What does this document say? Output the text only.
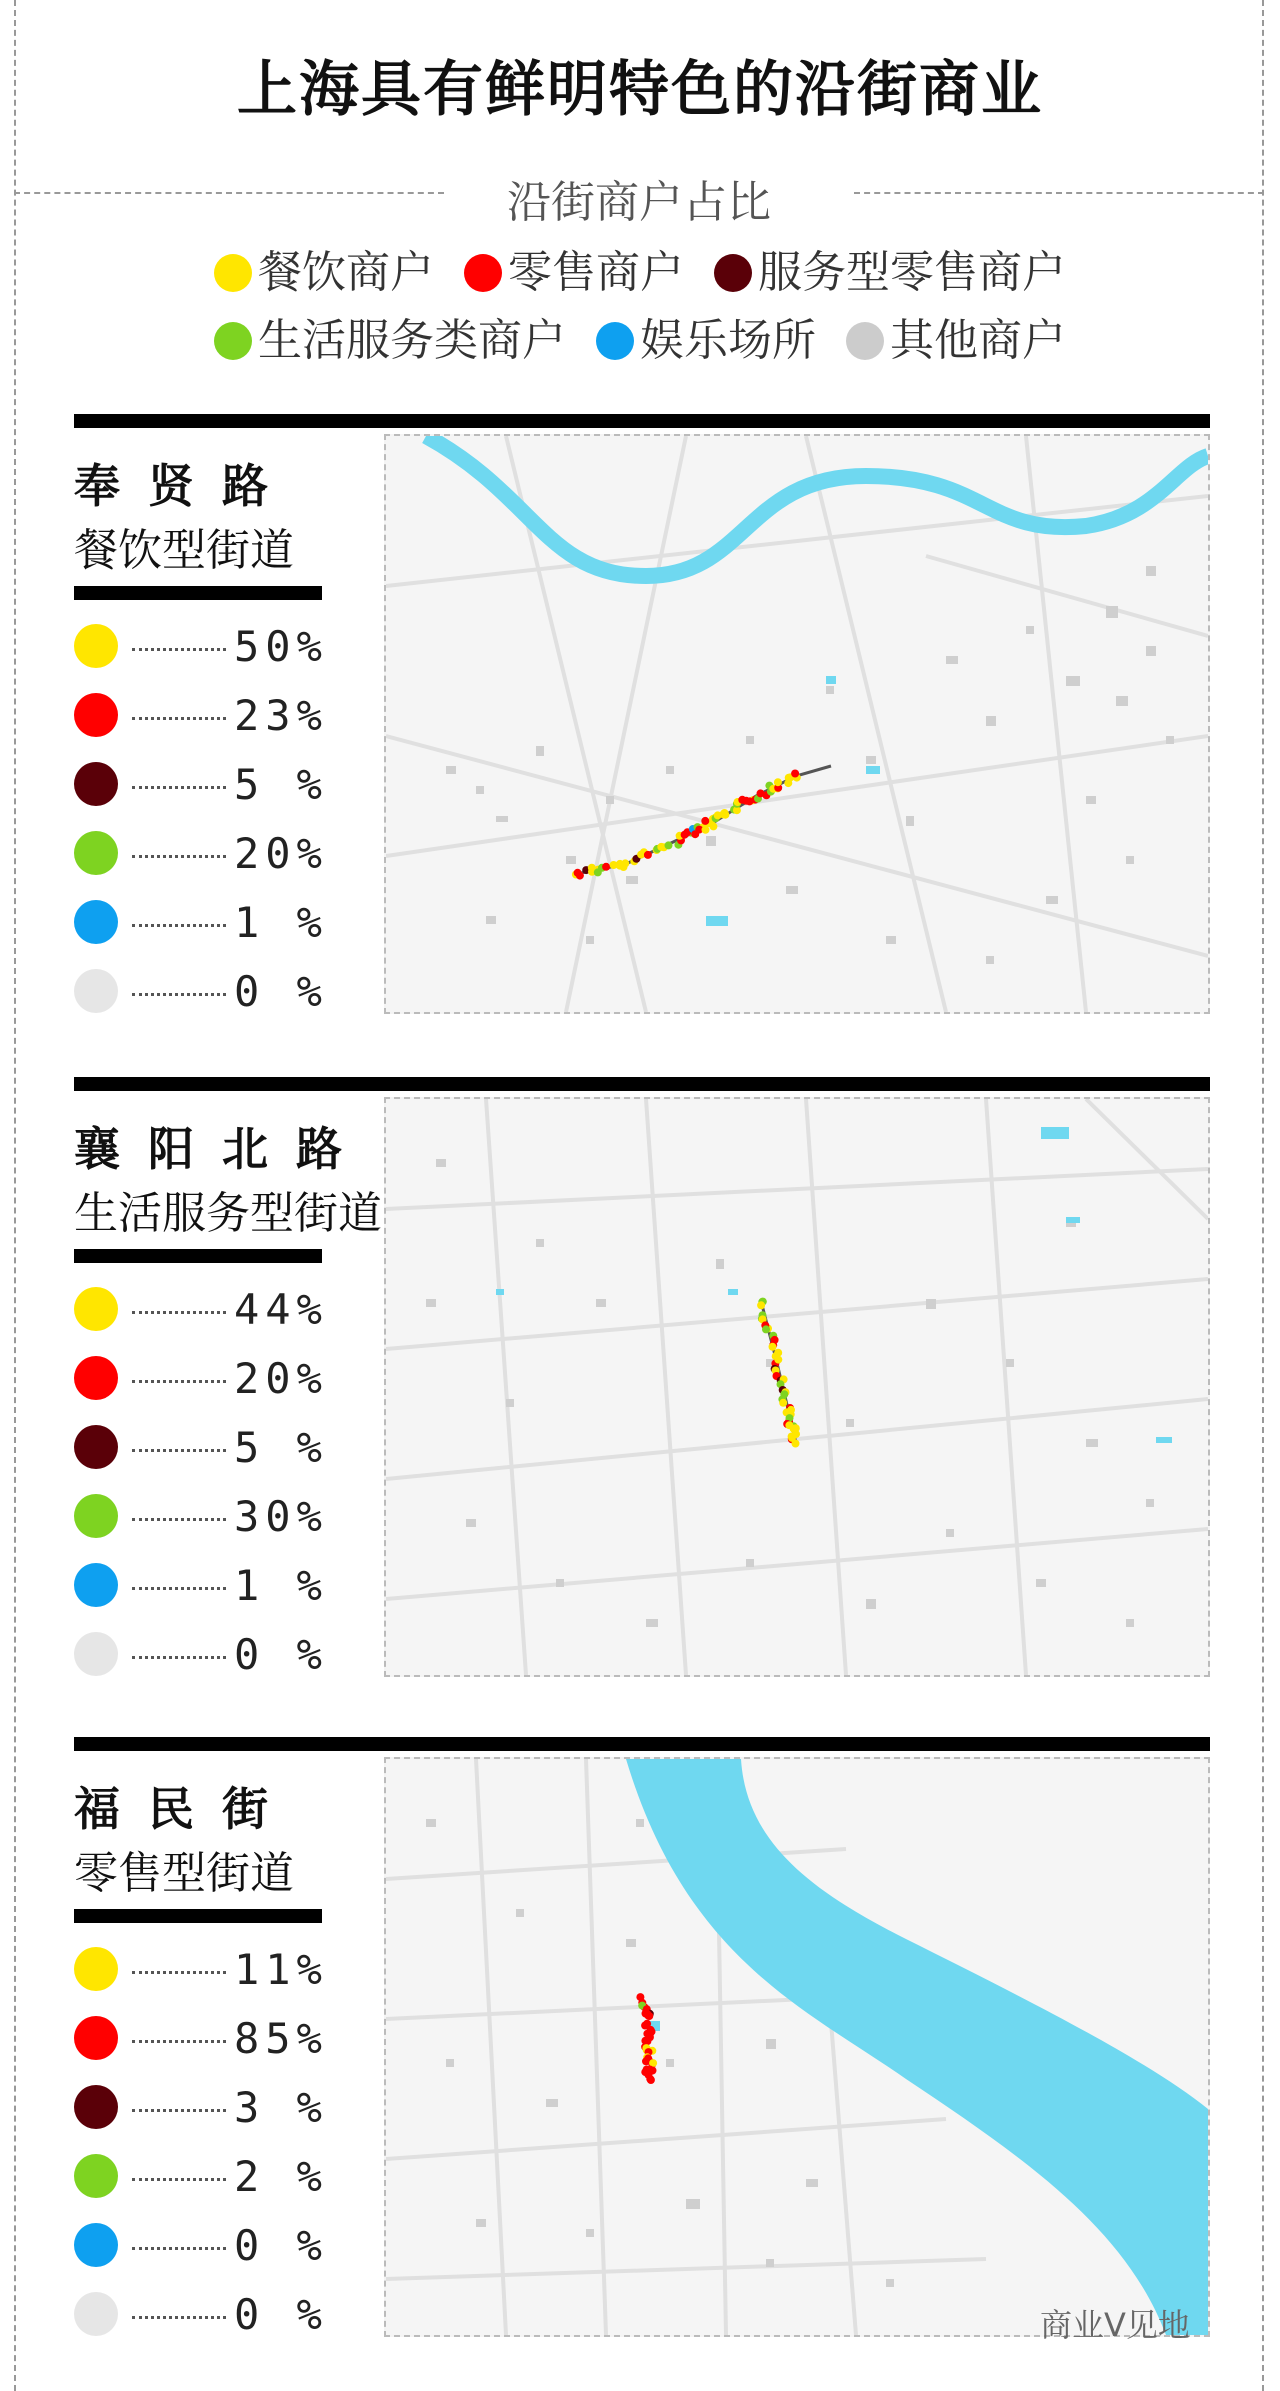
上海具有鲜明特色的沿街商业
沿街商户占比
餐饮商户 零售商户 服务型零售商户
生活服务类商户 娱乐场所 其他商户
奉贤路
餐饮型街道
50%
23%
5 %
20%
1 %
0 %
襄阳北路
生活服务型街道
44%
20%
5 %
30%
1 %
0 %
福民街
零售型街道
11%
85%
3 %
2 %
0 %
0 %	商业V见地
